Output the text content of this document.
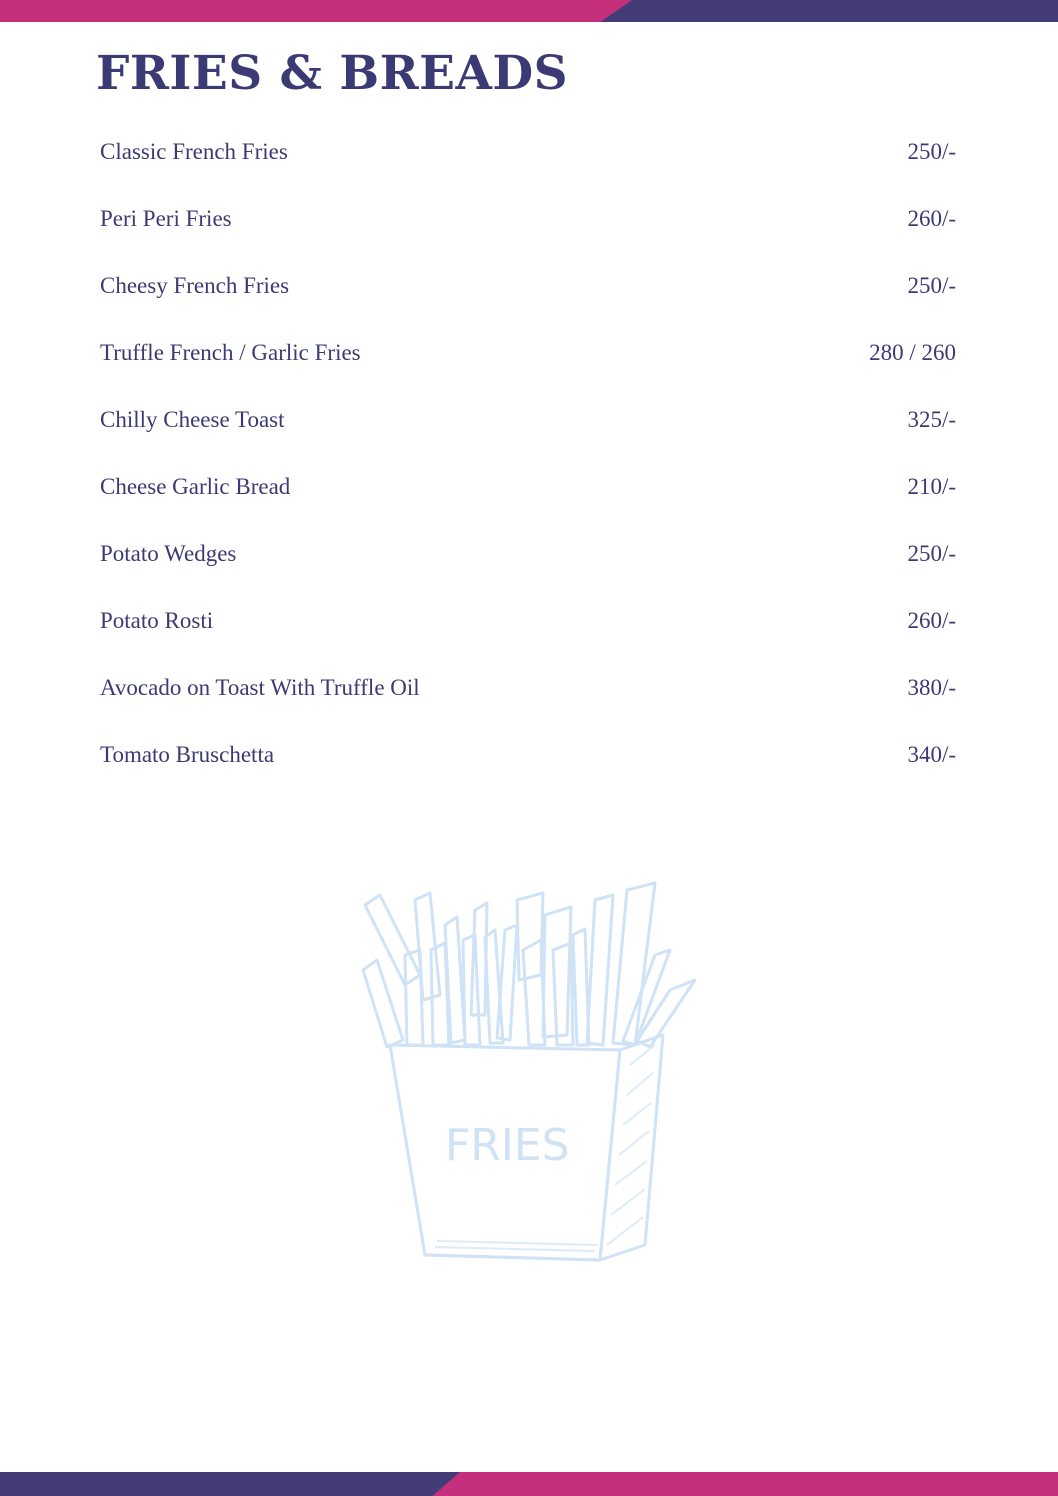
FRIES & BREADS
Classic French Fries	250/-
Peri Peri Fries	260/-
Cheesy French Fries	250/-
Truffle French / Garlic Fries	280 / 260
Chilly Cheese Toast	325/-
Cheese Garlic Bread	210/-
Potato Wedges	250/-
Potato Rosti	260/-
Avocado on Toast With Truffle Oil	380/-
Tomato Bruschetta	340/-
FRIES
